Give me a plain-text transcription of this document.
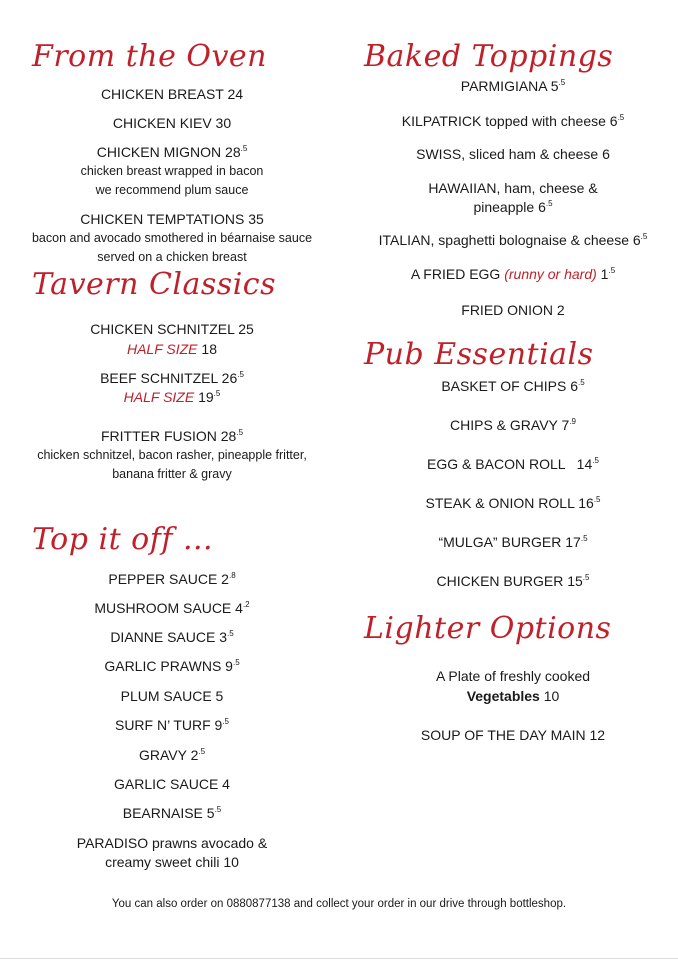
From the Oven
CHICKEN BREAST 24
CHICKEN KIEV 30
CHICKEN MIGNON $28^{.5}$
chicken breast wrapped in bacon
we recommend plum sauce
CHICKEN TEMPTATIONS 35
bacon and avocado smothered in béarnaise sauce
served on a chicken breast
Tavern Classics
CHICKEN SCHNITZEL 25
HALF SIZE 18
BEEF SCHNITZEL $26^{.5}$
HALF SIZE $19^{.5}$
FRITTER FUSION $28^{.5}$
chicken schnitzel, bacon rasher, pineapple fritter,
banana fritter & gravy
Top it off ...
PEPPER SAUCE $2^{.8}$
MUSHROOM SAUCE $4^{.2}$
DIANNE SAUCE $3^{.5}$
GARLIC PRAWNS $9^{.5}$
PLUM SAUCE 5
SURF N’ TURF $9^{.5}$
GRAVY $2^{.5}$
GARLIC SAUCE 4
BEARNAISE $5^{.5}$
PARADISO prawns avocado &
creamy sweet chili 10
Baked Toppings
PARMIGIANA $5^{.5}$
KILPATRICK topped with cheese $6^{.5}$
SWISS, sliced ham & cheese 6
HAWAIIAN, ham, cheese &
pineapple $6^{.5}$
ITALIAN, spaghetti bolognaise & cheese $6^{.5}$
A FRIED EGG (runny or hard) $1^{.5}$
FRIED ONION 2
Pub Essentials
BASKET OF CHIPS $6^{.5}$
CHIPS & GRAVY $7^{.9}$
EGG & BACON ROLL   $14^{.5}$
STEAK & ONION ROLL $16^{.5}$
“MULGA” BURGER $17^{.5}$
CHICKEN BURGER $15^{.5}$
Lighter Options
A Plate of freshly cooked
Vegetables 10
SOUP OF THE DAY MAIN 12
You can also order on 0880877138 and collect your order in our drive through bottleshop.
